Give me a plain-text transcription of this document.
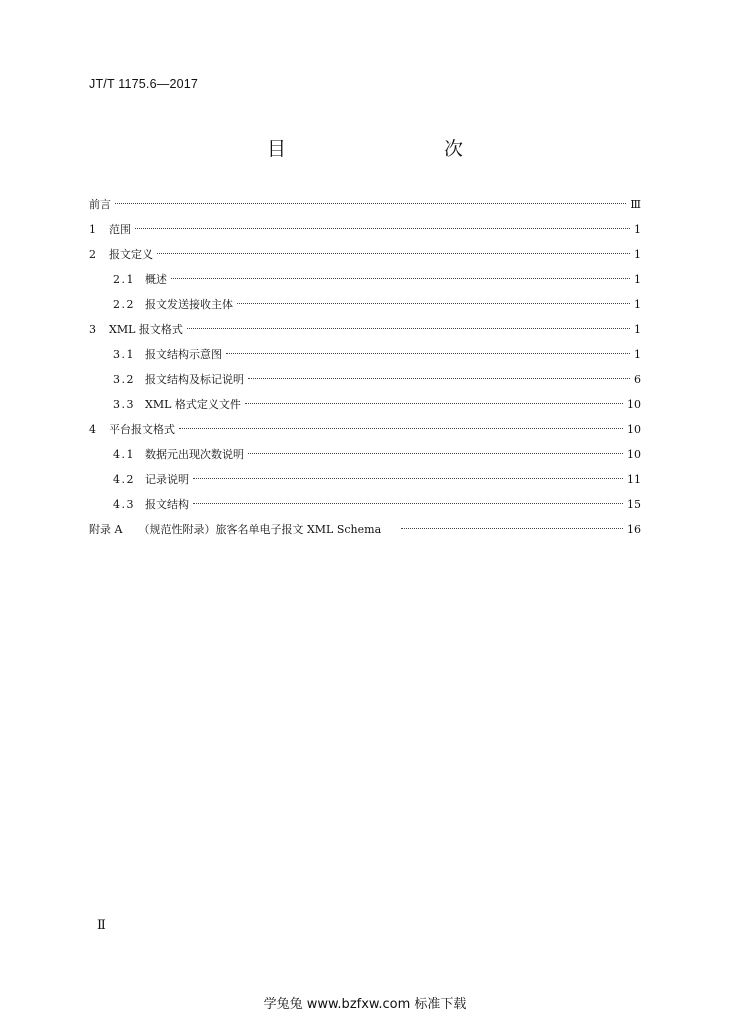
JT/T 1175.6—2017
目　　次
前言	Ⅲ
1 范围	1
2 报文定义	1
2.1 概述	1
2.2 报文发送接收主体	1
3 XML 报文格式	1
3.1 报文结构示意图	1
3.2 报文结构及标记说明	6
3.3 XML 格式定义文件	10
4 平台报文格式	10
4.1 数据元出现次数说明	10
4.2 记录说明	11
4.3 报文结构	15
附录 A （规范性附录）旅客名单电子报文 XML Schema	16
Ⅱ
学兔兔 www.bzfxw.com 标准下载
